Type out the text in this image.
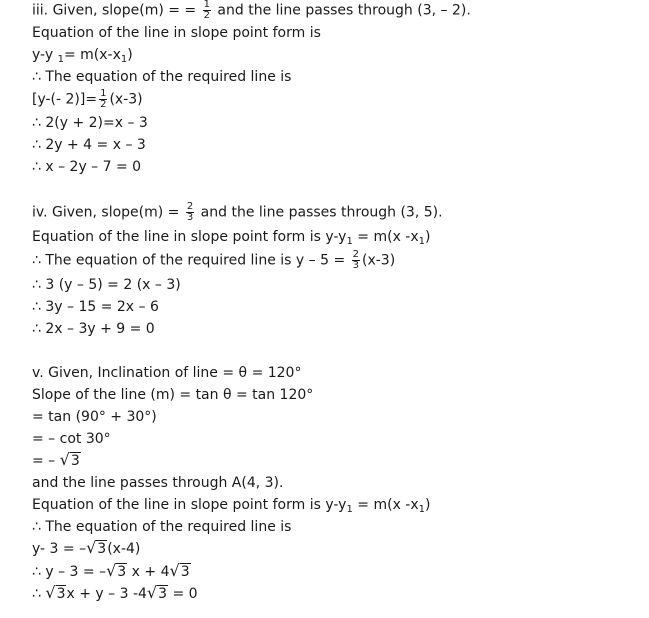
iii. Given, slope(m) = = $\frac{1}{2}$ and the line passes through (3, – 2).
Equation of the line in slope point form is
y-y $_1= m(x-x_1)$
∴ The equation of the required line is
[y-(- $2)]= \frac{1}{2} (x-3)$
∴ 2(y + 2)=x – 3
∴ 2y + 4 = x – 3
∴ x – 2y – 7 = 0
iv. Given, slope(m) = $\frac{2}{3}$ and the line passes through (3, 5).
Equation of the line in slope point form is $y-y_1 = m(x$ $-x_1$)
∴ The equation of the required line is $y - 5 = \frac{2}{3} (x-3)$
∴ 3 (y – 5) = 2 (x – 3)
∴ 3y – 15 = 2x – 6
∴ 2x – 3y + 9 = 0
v. Given, Inclination of line = θ = 120°
Slope of the line (m) = tan θ = tan 120°
= tan (90° + 30°)
= – cot 30°
= – √3
and the line passes through A(4, 3).
Equation of the line in slope point form is $y-y_1 = m(x$ $-x_1$)
∴ The equation of the required line is
y- 3 = –√3(x-4)
∴ y – 3 = –√3 x + 4√3
∴ √3x + y – 3 -4√3 = 0
